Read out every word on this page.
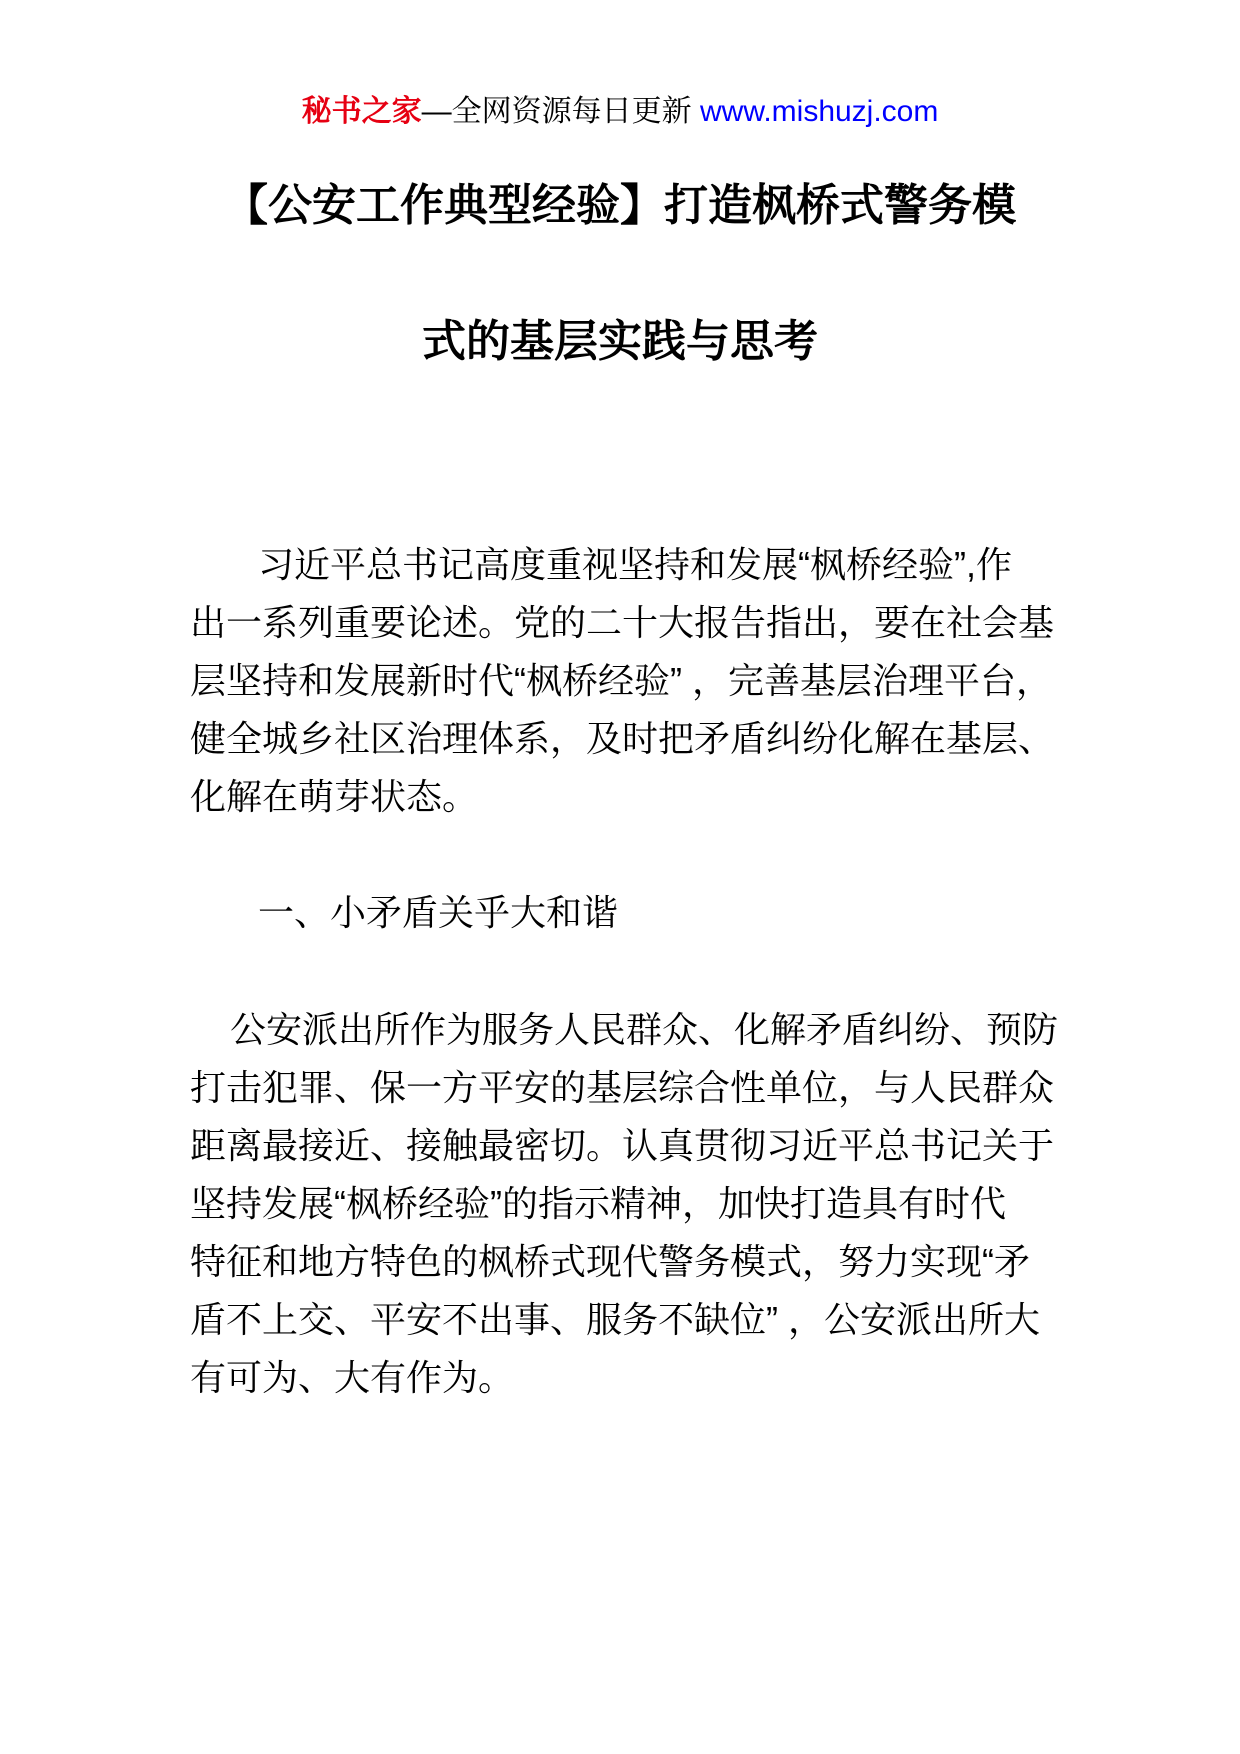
秘书之家—全网资源每日更新 www.mishuzj.com
【公安工作典型经验】打造枫桥式警务模
式的基层实践与思考
习近平总书记高度重视坚持和发展“枫桥经验”,作
出一系列重要论述。党的二十大报告指出，要在社会基
层坚持和发展新时代“枫桥经验” ，完善基层治理平台，
健全城乡社区治理体系，及时把矛盾纠纷化解在基层、
化解在萌芽状态。
一、小矛盾关乎大和谐
公安派出所作为服务人民群众、化解矛盾纠纷、预防
打击犯罪、保一方平安的基层综合性单位，与人民群众
距离最接近、接触最密切。认真贯彻习近平总书记关于
坚持发展“枫桥经验”的指示精神，加快打造具有时代
特征和地方特色的枫桥式现代警务模式，努力实现“矛
盾不上交、平安不出事、服务不缺位” ，公安派出所大
有可为、大有作为。
